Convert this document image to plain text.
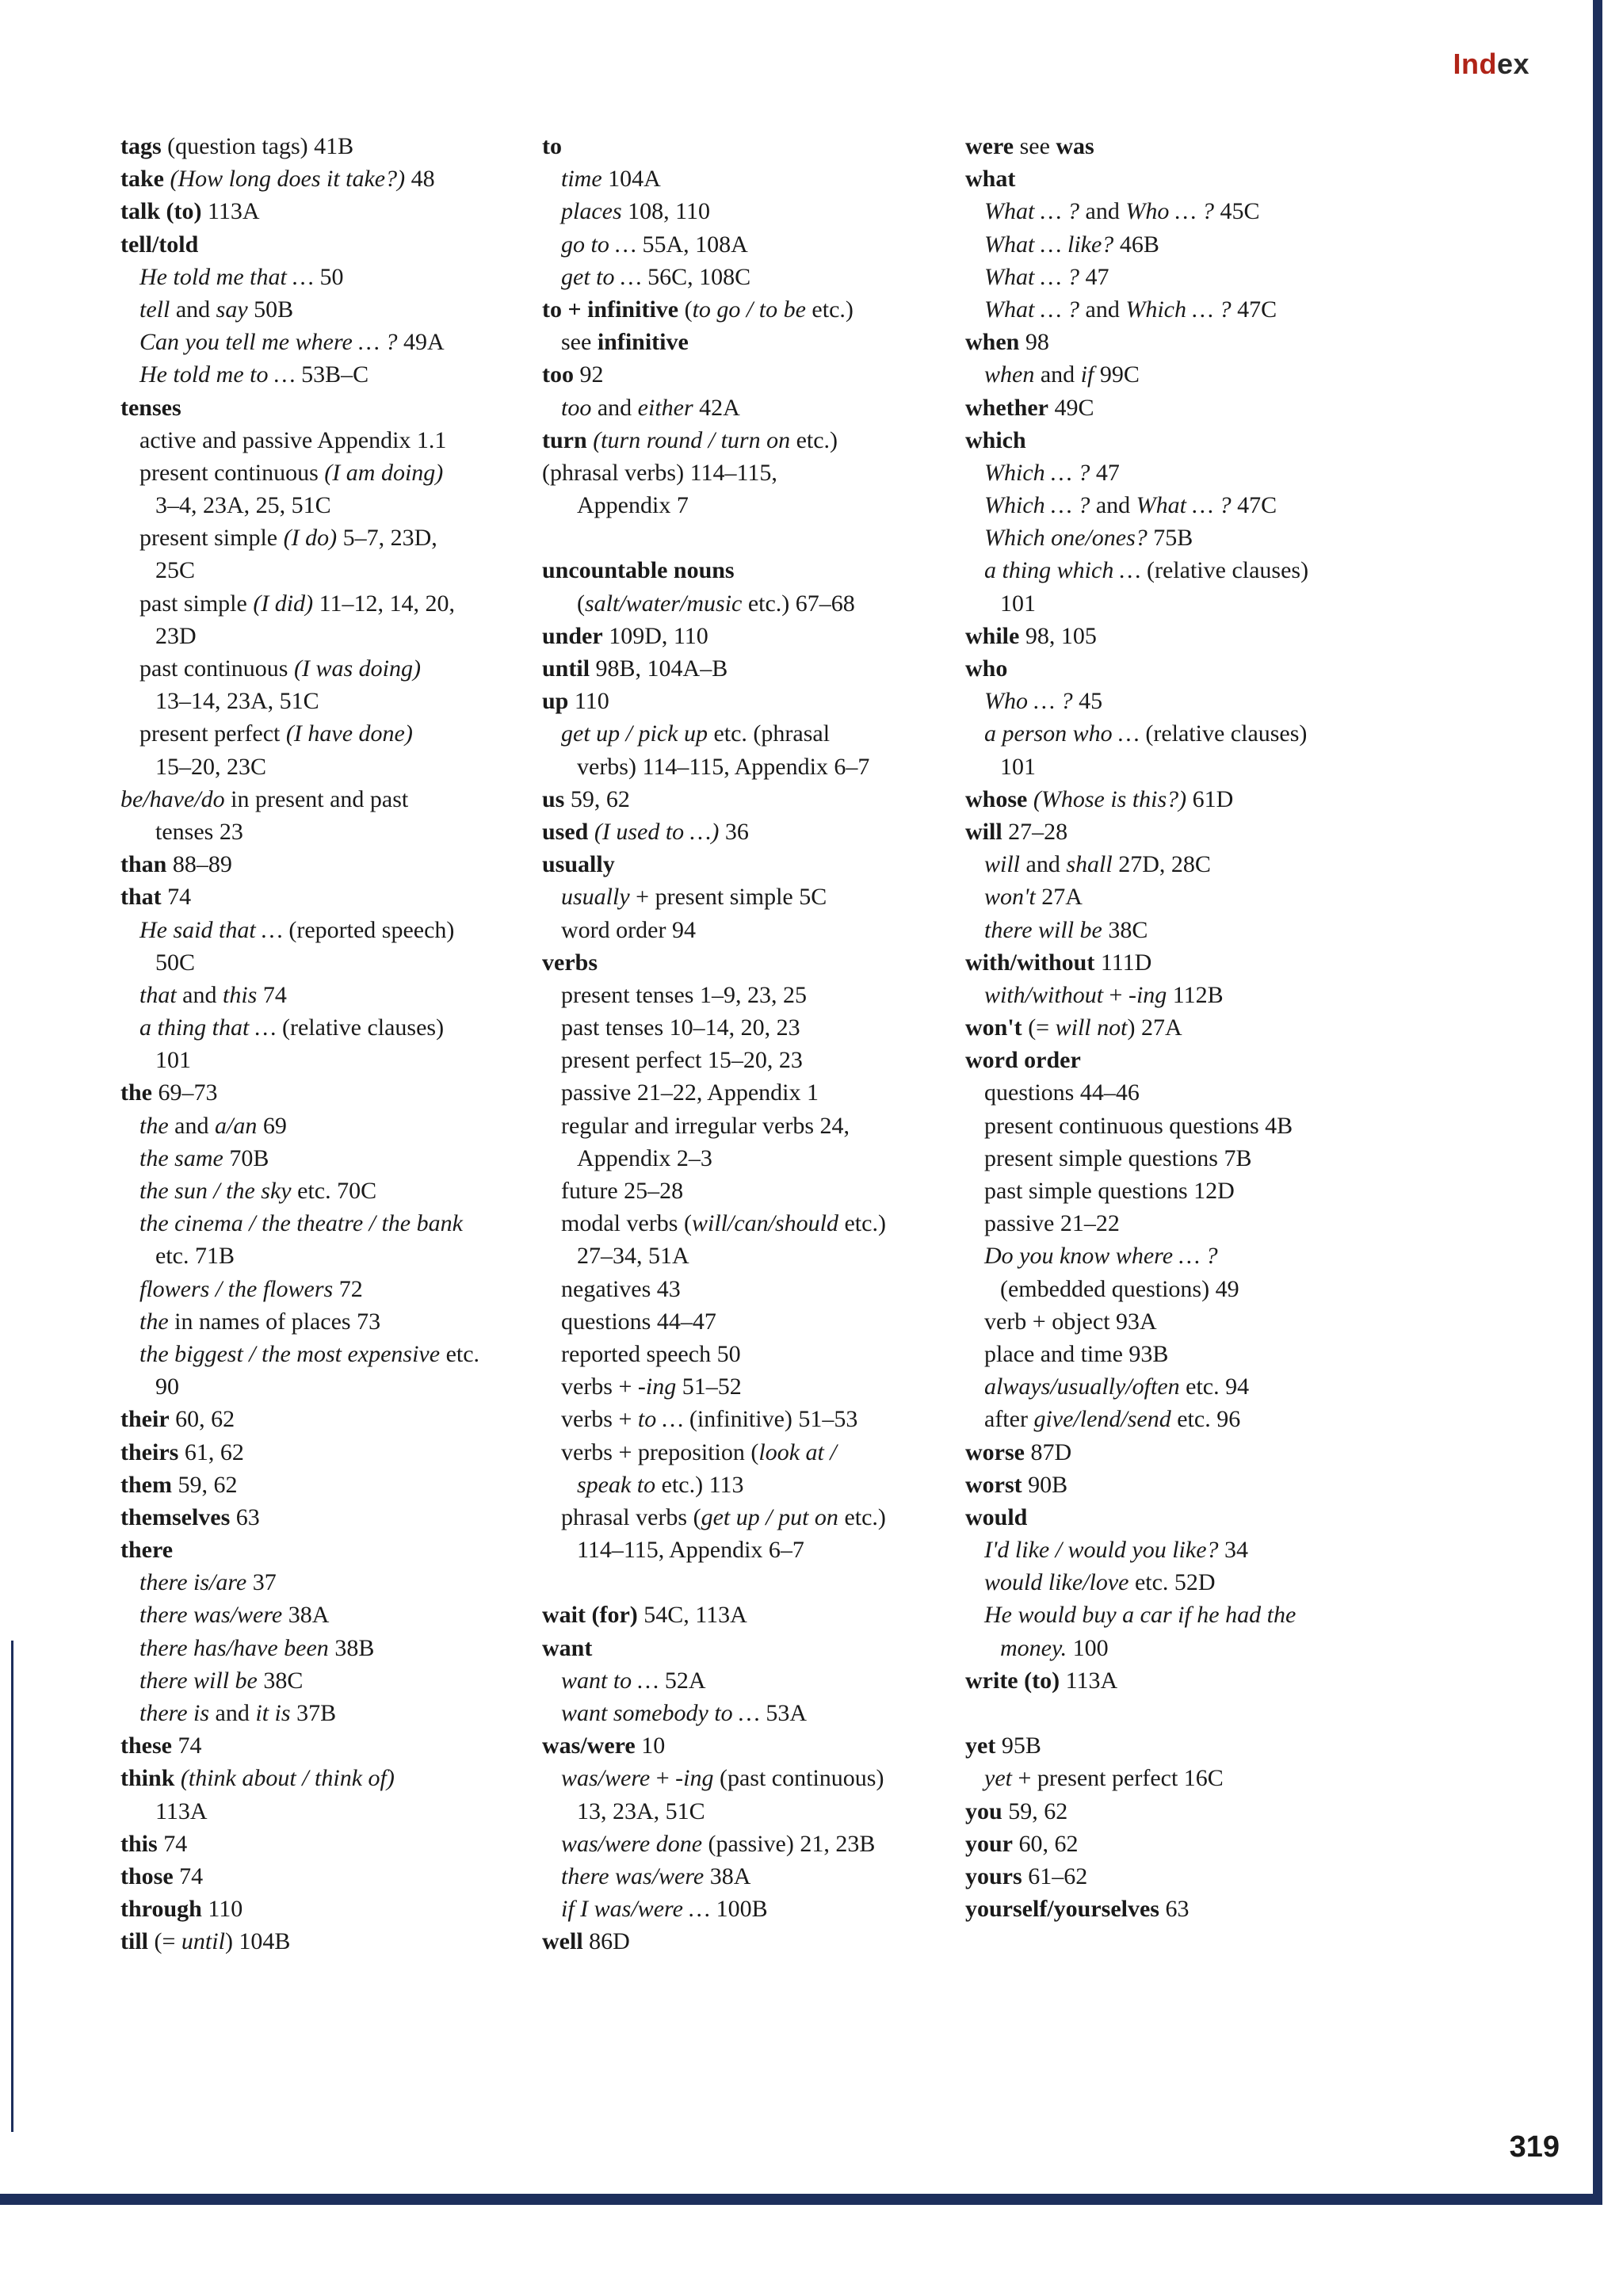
Index
tags (question tags) 41B
take (How long does it take?) 48
talk (to) 113A
tell/told
He told me that … 50
tell and say 50B
Can you tell me where … ? 49A
He told me to … 53B–C
tenses
active and passive Appendix 1.1
present continuous (I am doing)
3–4, 23A, 25, 51C
present simple (I do) 5–7, 23D,
25C
past simple (I did) 11–12, 14, 20,
23D
past continuous (I was doing)
13–14, 23A, 51C
present perfect (I have done)
15–20, 23C
be/have/do in present and past
tenses 23
than 88–89
that 74
He said that … (reported speech)
50C
that and this 74
a thing that … (relative clauses)
101
the 69–73
the and a/an 69
the same 70B
the sun / the sky etc. 70C
the cinema / the theatre / the bank
etc. 71B
flowers / the flowers 72
the in names of places 73
the biggest / the most expensive etc.
90
their 60, 62
theirs 61, 62
them 59, 62
themselves 63
there
there is/are 37
there was/were 38A
there has/have been 38B
there will be 38C
there is and it is 37B
these 74
think (think about / think of)
113A
this 74
those 74
through 110
till (= until) 104B
to
time 104A
places 108, 110
go to … 55A, 108A
get to … 56C, 108C
to + infinitive (to go / to be etc.)
see infinitive
too 92
too and either 42A
turn (turn round / turn on etc.)
(phrasal verbs) 114–115,
Appendix 7
uncountable nouns
(salt/water/music etc.) 67–68
under 109D, 110
until 98B, 104A–B
up 110
get up / pick up etc. (phrasal
verbs) 114–115, Appendix 6–7
us 59, 62
used (I used to …) 36
usually
usually + present simple 5C
word order 94
verbs
present tenses 1–9, 23, 25
past tenses 10–14, 20, 23
present perfect 15–20, 23
passive 21–22, Appendix 1
regular and irregular verbs 24,
Appendix 2–3
future 25–28
modal verbs (will/can/should etc.)
27–34, 51A
negatives 43
questions 44–47
reported speech 50
verbs + -ing 51–52
verbs + to … (infinitive) 51–53
verbs + preposition (look at /
speak to etc.) 113
phrasal verbs (get up / put on etc.)
114–115, Appendix 6–7
wait (for) 54C, 113A
want
want to … 52A
want somebody to … 53A
was/were 10
was/were + -ing (past continuous)
13, 23A, 51C
was/were done (passive) 21, 23B
there was/were 38A
if I was/were … 100B
well 86D
were see was
what
What … ? and Who … ? 45C
What … like? 46B
What … ? 47
What … ? and Which … ? 47C
when 98
when and if 99C
whether 49C
which
Which … ? 47
Which … ? and What … ? 47C
Which one/ones? 75B
a thing which … (relative clauses)
101
while 98, 105
who
Who … ? 45
a person who … (relative clauses)
101
whose (Whose is this?) 61D
will 27–28
will and shall 27D, 28C
won't 27A
there will be 38C
with/without 111D
with/without + -ing 112B
won't (= will not) 27A
word order
questions 44–46
present continuous questions 4B
present simple questions 7B
past simple questions 12D
passive 21–22
Do you know where … ?
(embedded questions) 49
verb + object 93A
place and time 93B
always/usually/often etc. 94
after give/lend/send etc. 96
worse 87D
worst 90B
would
I'd like / would you like? 34
would like/love etc. 52D
He would buy a car if he had the
money. 100
write (to) 113A
yet 95B
yet + present perfect 16C
you 59, 62
your 60, 62
yours 61–62
yourself/yourselves 63
319
